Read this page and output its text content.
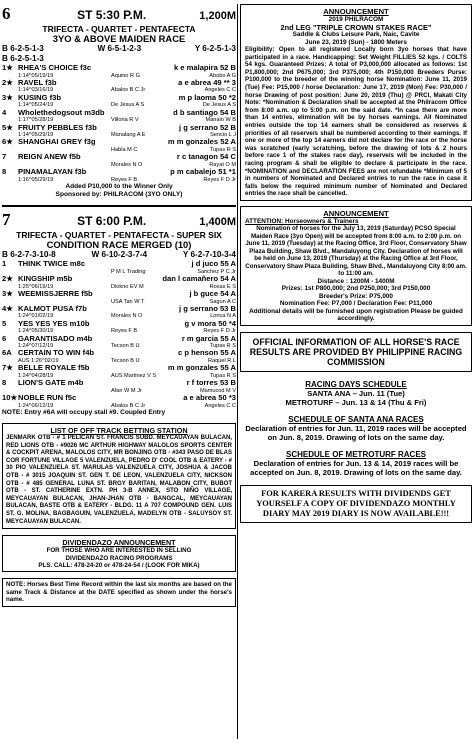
6	ST 5:30 P.M.	1,200M
TRIFECTA - QUARTET - PENTAFECTA
3YO & ABOVE MAIDEN RACE
B 6-2-5-1-3	W 6-5-1-2-3	Y 6-2-5-1-3
B 6-2-5-1-3
1★ RHEA'S CHOICE f3c	k e malapira 52 B
1:14^05/19/19	Aquino R G	Abobo A G
2★ RAVEL f3b	a e abrea 49 ** 3
1:14^03/16/19	Abalos B C Jr	Angeles C C
3★ KUSING f3b	m p laoma 50 *2
1:14^05/24/19	De Jesus A S	De Jesus A S
4	Wholethedogsout m3db	d b santiago 54 B
1:17^05/28/19	Villoria R V	Manalo W B
5★ FRUITY PEBBLES f3b	j g serrano 52 B
1:14^05/29/19	Manalang A E	Sencio L J
6★ SHANGHAI GREY f3g	m m gonzales 52 A
Habla M C	Tupas R S
7	REIGN ANEW f5b	r c tanagon 54 C
Morales N O	Rayat O M
8	PINAMALAYAN f3b	p m cabalejo 51 *1
1:16^05/29/19	Reyes F B	Reyes F D Jr
Added P10,000 to the Winner Only
Sponsored by: PHILRACOM (3YO ONLY)
7	ST 6:00 P.M.	1,400M
TRIFECTA - QUARTET - PENTAFECTA - SUPER SIX
CONDITION RACE MERGED (10)
B 6-2-7-3-10-8	W 6-10-2-3-7-4	Y 6-2-7-10-3-4
1	THINK TWICE m8c	j d juco 55 A
P M L Trading	Sanchez P C Jr
2★ KINGSHIP m5b	dan l camañero 54 A
1:25^06/19/19	Diokno EV M	Roxas E S
3★ WEEMISSJERRE f5b	j b guce 54 A
USA Tan W T	Sagun A C
4★ KALMOT PUSA f7b	j g serrano 53 B
1:24^01/02/19	Morales N O	Lorica N A
5	YES YES YES m10b	g v mora 50 *4
1:24^05/30/19	Reyes F B	Reyes F D Jr
6	GARANTISADO m4b	r m garcia 55 A
1:24^07/12/19	Tecson B U	Tupas R S
6A CERTAIN TO WIN f4b	c p henson 55 A
AUS 1:26^02/19	Tecson B U	Raquel R L
7★ BELLE ROYALE f5b	m m gonzales 55 A
1:24^04/28/19	AUS Martinez V S	Tupas R S
8	LION'S GATE m4b	r f torres 53 B
Afan W M Jr	Mamucod M V
10★ NOBLE RUN f5c	a e abrea 50 *3
1:24^06/12/19	Abalos B C Jr	Angeles C C
NOTE: Entry #6A will occupy stall #9. Coupled Entry
LIST OF OFF TRACK BETTING STATION
JENMARK OTB - # 1 PELICAN ST. FRANCIS SUBD. MEYCAUAYAN BULACAN, RED LIONS OTB - #9026 MC ARTHUR HIGHWAY MALOLOS SPORTS CENTER & COCKPIT ARENA, MALOLOS CITY, MR BONJING OTB - #343 PASO DE BLAS COR FORTUNE VILLAGE 5 VALENZUELA, PEDRO D' COOL OTB & EATERY - # 30 PIO VALENZUELA ST. MARULAS VALENZUELA CITY, JOSHUA & JACOB OTB - # 3015 JOAQUIN ST. GEN T. DE LEON, VALENZUELA CITY, NICKSON OTB - # 485 GENERAL LUNA ST. BRGY BARITAN, MALABON CITY, BUBOT OTB - ST. CATHERINE EXTN. PH 3-B ANNEX, STO NIÑO VILLAGE, MEYCAUAYAN BULACAN, JHAN-JHAN OTB - BANGCAL, MEYCAUAYAN BULACAN, BASTE OTB & EATERY - BLDG. 11 A 707 COMPOUND GEN. LUIS ST. G. MOLINA, BAGBAGUIN, VALENZUELA, MADELYN OTB - SALUYSOY ST. MEYCAUAYAN BULACAN.
DIVIDENDAZO ANNOUNCEMENT
FOR THOSE WHO ARE INTERESTED IN SELLING
DIVIDENDAZO RACING PROGRAMS
PLS. CALL: 478-24-20 or 478-24-54 / (LOOK FOR MIKA)
NOTE: Horses Best Time Record within the last six months are based on the same Track & Distance at the DATE specified as shown under the horse's name.
ANNOUNCEMENT
2019 PHILRACOM
2nd LEG "TRIPLE CROWN STAKES RACE"
Saddle & Clubs Leisure Park, Naic, Cavite
June 23, 2019 (Sun) - 1800 Meters
Eligibility: Open to all registered Locally born 3yo horses that have participated in a race. Handicapping: Set Weight FILLIES 52 kgs. / COLTS 54 kgs. Guaranteed Prizes: A total of P3,000,000 allocated as follows: 1st P1,800,000; 2nd P675,000; 3rd P375,000; 4th P150,000 Breeders Purse: P100,000 to the breeder of the winning horse Nomination: June 11, 2019 (Tue) Fee: P15,000 / horse Declaration: June 17, 2019 (Mon) Fee: P30,000 / horse Drawing of post position: June 20, 2019 (Thu) @ PRCI, Makati City Note: *Nomination & Declaration shall be accepted at the Philracom Office from 8:00 a.m. up to 5:00 p.m. on the said date. *In case there are more than 14 entries, elimination will be by horses earnings. All Nominated entries outside the top 14 earners shall be considered as reserves & priorities of all reserve/s shall be numbered according to their earnings. If one or more of the top 14 earners did not declare for the race or the horse was scratched (early scratching, before the drawing of lots & 2 hours before race 1 of the stakes race day), reserve/s will be included in the racing program & shall be eligible to declare & participate in the race. *NOMINATION and DECLARATION FEES are not refundable *Minimum of 5 in numbers of Nominated and Declared entries to run the race in case it falls below the required minimum number of Nominated and Declared entries the race shall be cancelled.
ANNOUNCEMENT
ATTENTION: Horseowners & Trainers
Nomination of horses for the July 13, 2019 (Saturday) PCSO Special Maiden Race (3yo Open) will be accepted from 8:00 a.m. to 2:00 p.m. on June 11, 2019 (Tuesday) at the Racing Office, 3rd Floor, Conservatory Shaw Plaza Building, Shaw Blvd., Mandaluyong City. Declaration of horses will be held on June 13, 2019 (Thursday) at the Racing Office at 3rd Floor, Conservatory Shaw Plaza Building, Shaw Blvd., Mandaluyong City 8:00 am. to 11:00 am.
Distance : 1200M - 1400M
Prizes: 1st P800,000; 2nd P250,000; 3rd P150,000
Breeder's Prize: P75,000
Nomination Fee: P7,000 / Declaration Fee: P11,000
Additional details will be furnished upon registration Please be guided accordingly.
OFFICIAL INFORMATION OF ALL HORSE'S RACE RESULTS ARE PROVIDED BY PHILIPPINE RACING COMMISSION
RACING DAYS SCHEDULE
SANTA ANA – Jun. 11 (Tue)
METROTURF – Jun. 13 & 14 (Thu & Fri)
SCHEDULE OF SANTA ANA RACES
Declaration of entries for Jun. 11, 2019 races will be accepted on Jun. 8, 2019. Drawing of lots on the same day.
SCHEDULE OF METROTURF RACES
Declaration of entries for Jun. 13 & 14, 2019 races will be accepted on Jun. 8, 2019. Drawing of lots on the same day.
FOR KARERA RESULTS WITH DIVIDENDS GET YOURSELF A COPY OF DIVIDENDAZO MONTHLY DIARY MAY 2019 DIARY IS NOW AVAILABLE!!!
